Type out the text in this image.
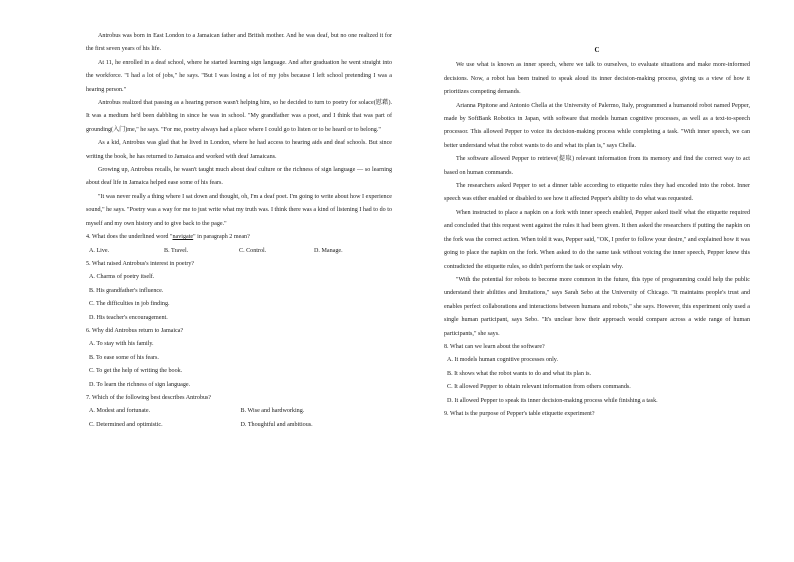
Antrobus was born in East London to a Jamaican father and British mother. And he was deaf, but no one realized it for the first seven years of his life.

At 11, he enrolled in a deaf school, where he started learning sign language. And after graduation he went straight into the workforce. "I had a lot of jobs," he says. "But I was losing a lot of my jobs because I left school pretending I was a hearing person."

Antrobus realized that passing as a hearing person wasn't helping him, so he decided to turn to poetry for solace(慰藉). It was a medium he'd been dabbling in since he was in school. "My grandfather was a poet, and I think that was part of grounding(入门)me," he says. "For me, poetry always had a place where I could go to listen or to be heard or to belong."

As a kid, Antrobus was glad that he lived in London, where he had access to hearing aids and deaf schools. But since writing the book, he has returned to Jamaica and worked with deaf Jamaicans.

Growing up, Antrobus recalls, he wasn't taught much about deaf culture or the richness of sign language — so learning about deaf life in Jamaica helped ease some of his fears.

"It was never really a thing where I sat down and thought, oh, I'm a deaf poet. I'm going to write about how I experience sound," he says. "Poetry was a way for me to just write what my truth was. I think there was a kind of listening I had to do to myself and my own history and to give back to the page."

4. What does the underlined word "navigate" in paragraph 2 mean?

A. Live.	B. Travel.	C. Control.	D. Manage.

5. What raised Antrobus's interest in poetry?

A. Charms of poetry itself.

B. His grandfather's influence.

C. The difficulties in job finding.

D. His teacher's encouragement.

6. Why did Antrobus return to Jamaica?

A. To stay with his family.

B. To ease some of his fears.

C. To get the help of writing the book.

D. To learn the richness of sign language.

7. Which of the following best describes Antrobus?

A. Modest and fortunate.	B. Wise and hardworking.
C. Determined and optimistic.	D. Thoughtful and ambitious.
C

We use what is known as inner speech, where we talk to ourselves, to evaluate situations and make more-informed decisions. Now, a robot has been trained to speak aloud its inner decision-making process, giving us a view of how it prioritizes competing demands.

Arianna Pipitone and Antonio Chella at the University of Palermo, Italy, programmed a humanoid robot named Pepper, made by SoftBank Robotics in Japan, with software that models human cognitive processes, as well as a text-to-speech processor. This allowed Pepper to voice its decision-making process while completing a task. "With inner speech, we can better understand what the robot wants to do and what its plan is," says Chella.

The software allowed Pepper to retrieve(提取) relevant information from its memory and find the correct way to act based on human commands.

The researchers asked Pepper to set a dinner table according to etiquette rules they had encoded into the robot. Inner speech was either enabled or disabled to see how it affected Pepper's ability to do what was requested.

When instructed to place a napkin on a fork with inner speech enabled, Pepper asked itself what the etiquette required and concluded that this request went against the rules it had been given. It then asked the researchers if putting the napkin on the fork was the correct action. When told it was, Pepper said, "OK, I prefer to follow your desire," and explained how it was going to place the napkin on the fork. When asked to do the same task without voicing the inner speech, Pepper knew this contradicted the etiquette rules, so didn't perform the task or explain why.

"With the potential for robots to become more common in the future, this type of programming could help the public understand their abilities and limitations," says Sarah Sebo at the University of Chicago. "It maintains people's trust and enables perfect collaborations and interactions between humans and robots," she says. However, this experiment only used a single human participant, says Sebo. "It's unclear how their approach would compare across a wide range of human participants," she says.

8. What can we learn about the software?

A. It models human cognitive processes only.

B. It shows what the robot wants to do and what its plan is.

C. It allowed Pepper to obtain relevant information from others commands.

D. It allowed Pepper to speak its inner decision-making process while finishing a task.

9. What is the purpose of Pepper's table etiquette experiment?
